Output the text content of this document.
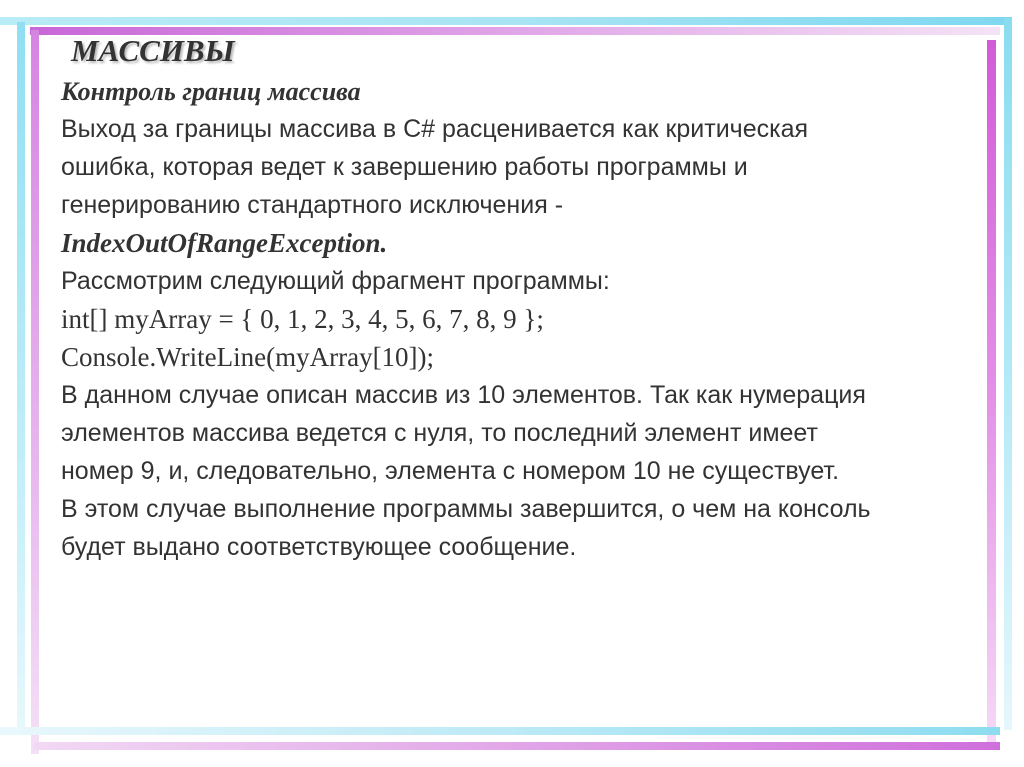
МАССИВЫ
Контроль границ массива
Выход за границы массива в C# расценивается как критическая
ошибка, которая ведет к завершению работы программы и
генерированию стандартного исключения -
IndexOutOfRangeException.
Рассмотрим следующий фрагмент программы:
int[] myArray = { 0, 1, 2, 3, 4, 5, 6, 7, 8, 9 };
Console.WriteLine(myArray[10]);
В данном случае описан массив из 10 элементов. Так как нумерация
элементов массива ведется с нуля, то последний элемент имеет
номер 9, и, следовательно, элемента с номером 10 не существует.
В этом случае выполнение программы завершится, о чем на консоль
будет выдано соответствующее сообщение.
